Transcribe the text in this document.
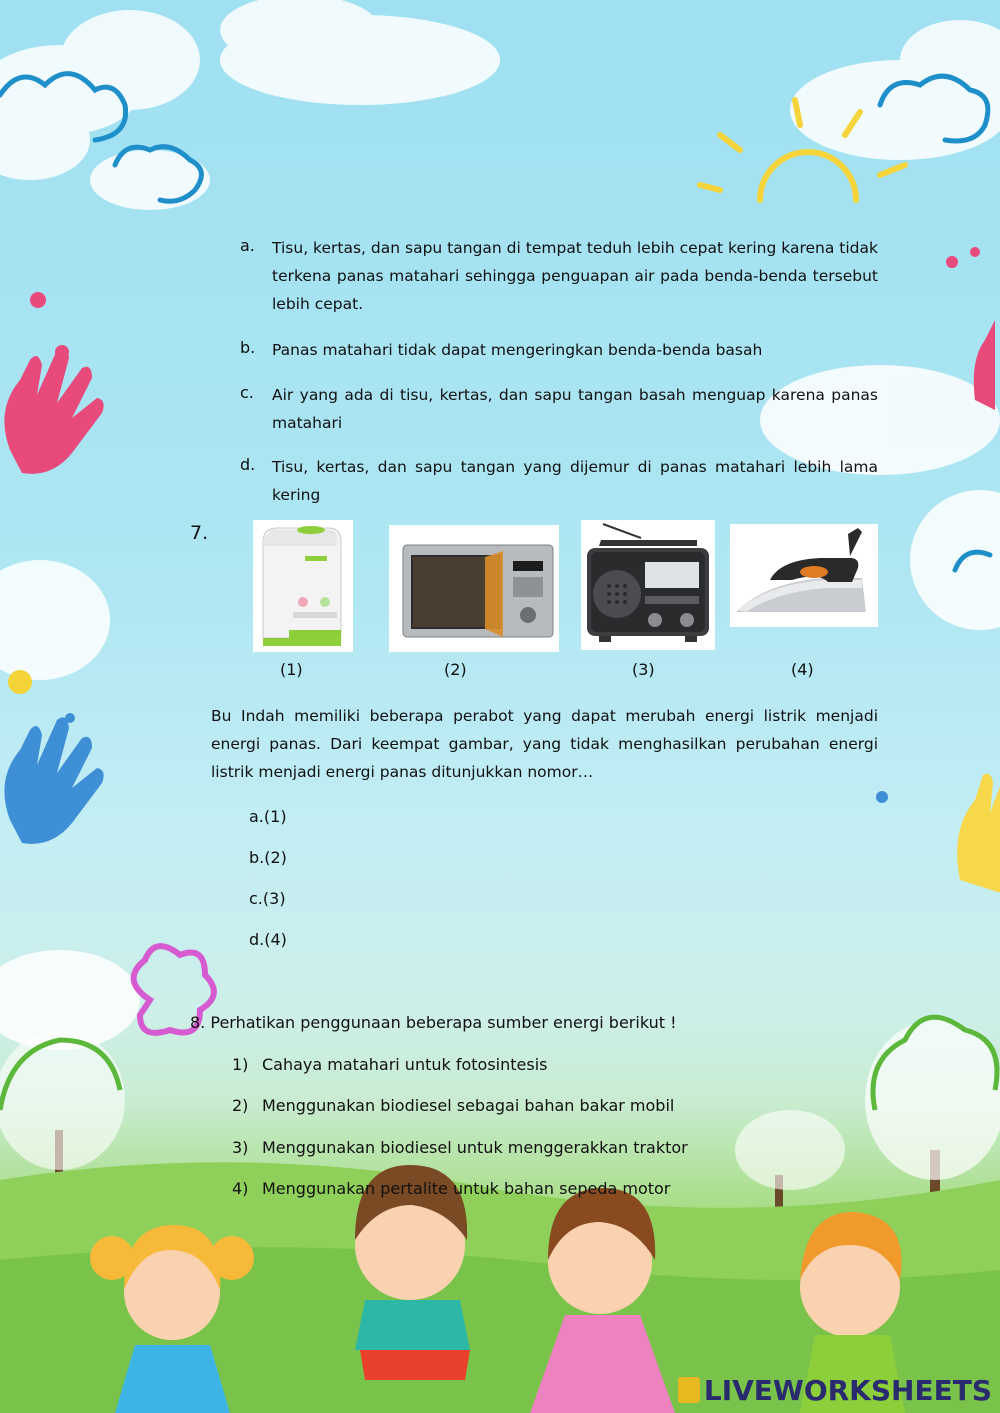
a. Tisu, kertas, dan sapu tangan di tempat teduh lebih cepat kering karena tidak terkena panas matahari sehingga penguapan air pada benda-benda tersebut lebih cepat.
b. Panas matahari tidak dapat mengeringkan benda-benda basah
c. Air yang ada di tisu, kertas, dan sapu tangan basah menguap karena panas matahari
d. Tisu, kertas, dan sapu tangan yang dijemur di panas matahari lebih lama kering
7.
(1)	(2)	(3)	(4)
Bu Indah memiliki beberapa perabot yang dapat merubah energi listrik menjadi energi panas. Dari keempat gambar, yang tidak menghasilkan perubahan energi listrik menjadi energi panas ditunjukkan nomor…
a.(1)
b.(2)
c.(3)
d.(4)
8. Perhatikan penggunaan beberapa sumber energi berikut !
1) Cahaya matahari untuk fotosintesis
2) Menggunakan biodiesel sebagai bahan bakar mobil
3) Menggunakan biodiesel untuk menggerakkan traktor
4) Menggunakan pertalite untuk bahan sepeda motor
LIVEWORKSHEETS
